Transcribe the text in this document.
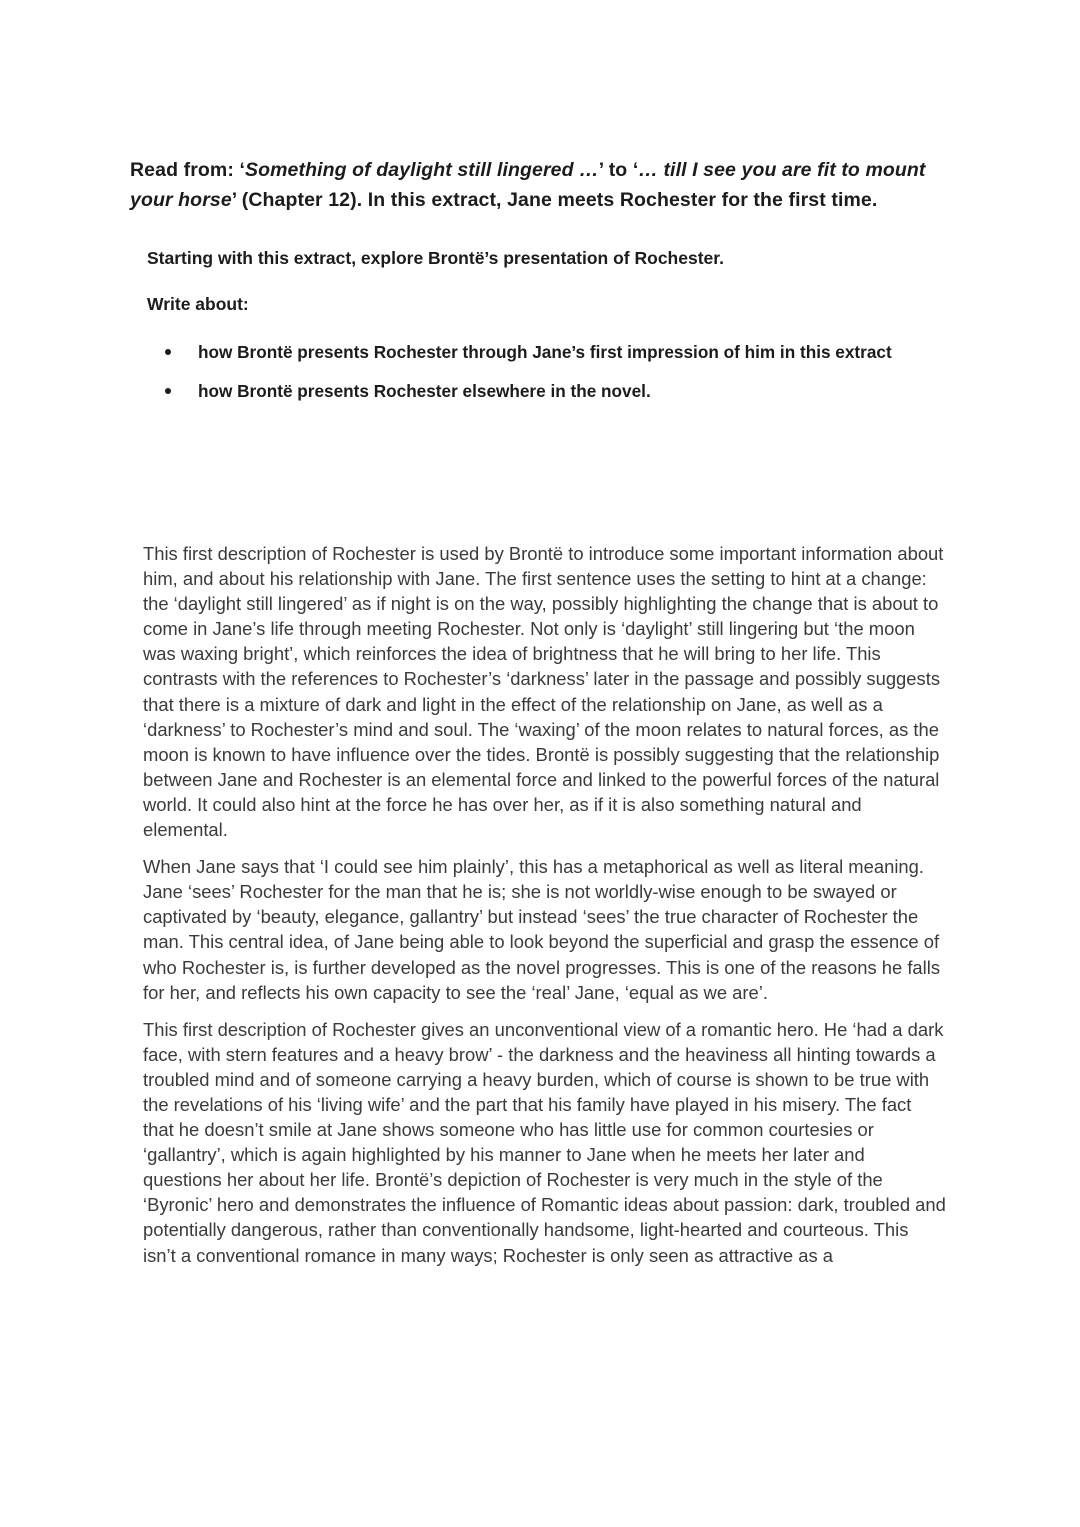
Read from: ‘Something of daylight still lingered …’ to ‘… till I see you are fit to mount your horse’ (Chapter 12). In this extract, Jane meets Rochester for the first time.

Starting with this extract, explore Brontë’s presentation of Rochester.

Write about:

how Brontë presents Rochester through Jane’s first impression of him in this extract
how Brontë presents Rochester elsewhere in the novel.

This first description of Rochester is used by Brontë to introduce some important information about him, and about his relationship with Jane. The first sentence uses the setting to hint at a change: the ‘daylight still lingered’ as if night is on the way, possibly highlighting the change that is about to come in Jane’s life through meeting Rochester. Not only is ‘daylight’ still lingering but ‘the moon was waxing bright’, which reinforces the idea of brightness that he will bring to her life. This contrasts with the references to Rochester’s ‘darkness’ later in the passage and possibly suggests that there is a mixture of dark and light in the effect of the relationship on Jane, as well as a ‘darkness’ to Rochester’s mind and soul. The ‘waxing’ of the moon relates to natural forces, as the moon is known to have influence over the tides. Brontë is possibly suggesting that the relationship between Jane and Rochester is an elemental force and linked to the powerful forces of the natural world. It could also hint at the force he has over her, as if it is also something natural and elemental.

When Jane says that ‘I could see him plainly’, this has a metaphorical as well as literal meaning. Jane ‘sees’ Rochester for the man that he is; she is not worldly-wise enough to be swayed or captivated by ‘beauty, elegance, gallantry’ but instead ‘sees’ the true character of Rochester the man. This central idea, of Jane being able to look beyond the superficial and grasp the essence of who Rochester is, is further developed as the novel progresses. This is one of the reasons he falls for her, and reflects his own capacity to see the ‘real’ Jane, ‘equal as we are’.

This first description of Rochester gives an unconventional view of a romantic hero. He ‘had a dark face, with stern features and a heavy brow’ - the darkness and the heaviness all hinting towards a troubled mind and of someone carrying a heavy burden, which of course is shown to be true with the revelations of his ‘living wife’ and the part that his family have played in his misery. The fact that he doesn’t smile at Jane shows someone who has little use for common courtesies or ‘gallantry’, which is again highlighted by his manner to Jane when he meets her later and questions her about her life. Brontë’s depiction of Rochester is very much in the style of the ‘Byronic’ hero and demonstrates the influence of Romantic ideas about passion: dark, troubled and potentially dangerous, rather than conventionally handsome, light-hearted and courteous. This isn’t a conventional romance in many ways; Rochester is only seen as attractive as a
